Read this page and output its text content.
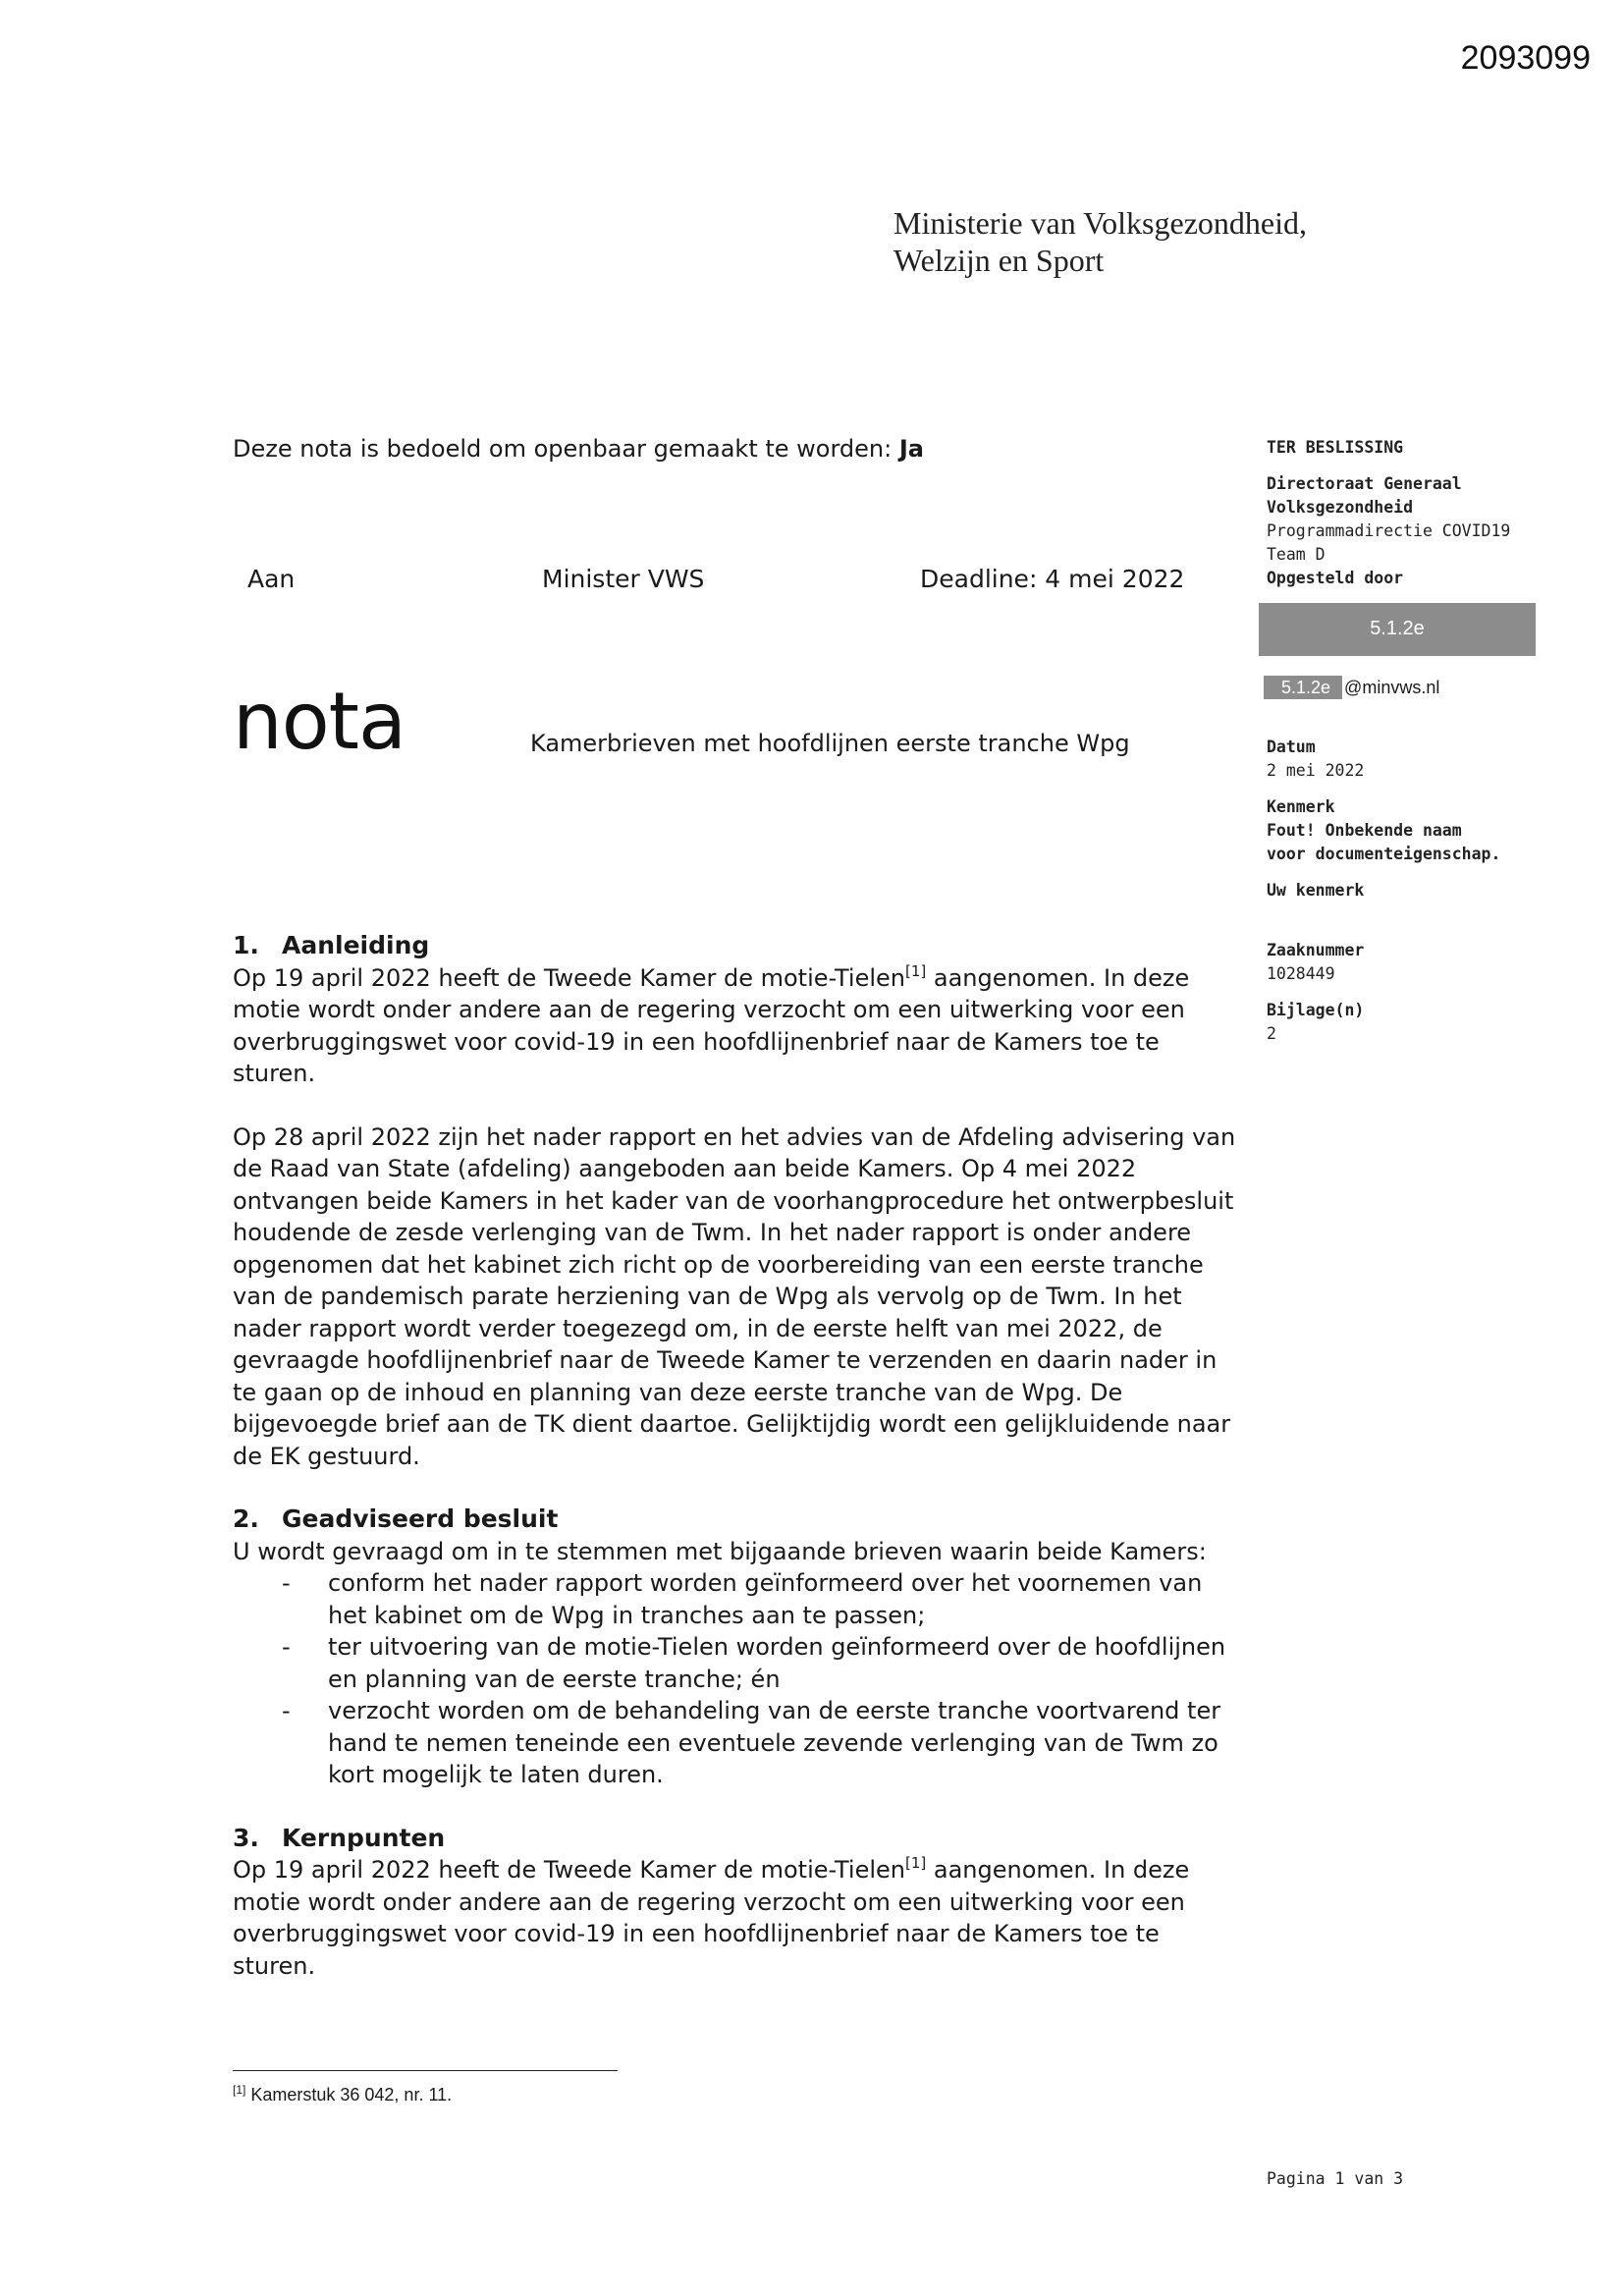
2093099
Ministerie van Volksgezondheid,
Welzijn en Sport
Deze nota is bedoeld om openbaar gemaakt te worden: Ja
Aan	Minister VWS	Deadline: 4 mei 2022
nota	Kamerbrieven met hoofdlijnen eerste tranche Wpg
1. Aanleiding

Op 19 april 2022 heeft de Tweede Kamer de motie-Tielen[1] aangenomen. In deze motie wordt onder andere aan de regering verzocht om een uitwerking voor een overbruggingswet voor covid-19 in een hoofdlijnenbrief naar de Kamers toe te sturen.

Op 28 april 2022 zijn het nader rapport en het advies van de Afdeling advisering van de Raad van State (afdeling) aangeboden aan beide Kamers. Op 4 mei 2022 ontvangen beide Kamers in het kader van de voorhangprocedure het ontwerpbesluit houdende de zesde verlenging van de Twm. In het nader rapport is onder andere opgenomen dat het kabinet zich richt op de voorbereiding van een eerste tranche van de pandemisch parate herziening van de Wpg als vervolg op de Twm. In het nader rapport wordt verder toegezegd om, in de eerste helft van mei 2022, de gevraagde hoofdlijnenbrief naar de Tweede Kamer te verzenden en daarin nader in te gaan op de inhoud en planning van deze eerste tranche van de Wpg. De bijgevoegde brief aan de TK dient daartoe. Gelijktijdig wordt een gelijkluidende naar de EK gestuurd.

2. Geadviseerd besluit
U wordt gevraagd om in te stemmen met bijgaande brieven waarin beide Kamers:
- conform het nader rapport worden geïnformeerd over het voornemen van het kabinet om de Wpg in tranches aan te passen;
- ter uitvoering van de motie-Tielen worden geïnformeerd over de hoofdlijnen en planning van de eerste tranche; én
- verzocht worden om de behandeling van de eerste tranche voortvarend ter hand te nemen teneinde een eventuele zevende verlenging van de Twm zo kort mogelijk te laten duren.
3. Kernpunten

Op 19 april 2022 heeft de Tweede Kamer de motie-Tielen[1] aangenomen. In deze motie wordt onder andere aan de regering verzocht om een uitwerking voor een overbruggingswet voor covid-19 in een hoofdlijnenbrief naar de Kamers toe te sturen.

[1] Kamerstuk 36 042, nr. 11.
TER BESLISSING
Directoraat Generaal
Volksgezondheid
Programmadirectie COVID19
Team D
Opgesteld door
5.1.2e
5.1.2e @minvws.nl
Datum
2 mei 2022
Kenmerk
Fout! Onbekende naam
voor documenteigenschap.
Uw kenmerk
Zaaknummer
1028449
Bijlage(n)
2
Pagina 1 van 3
